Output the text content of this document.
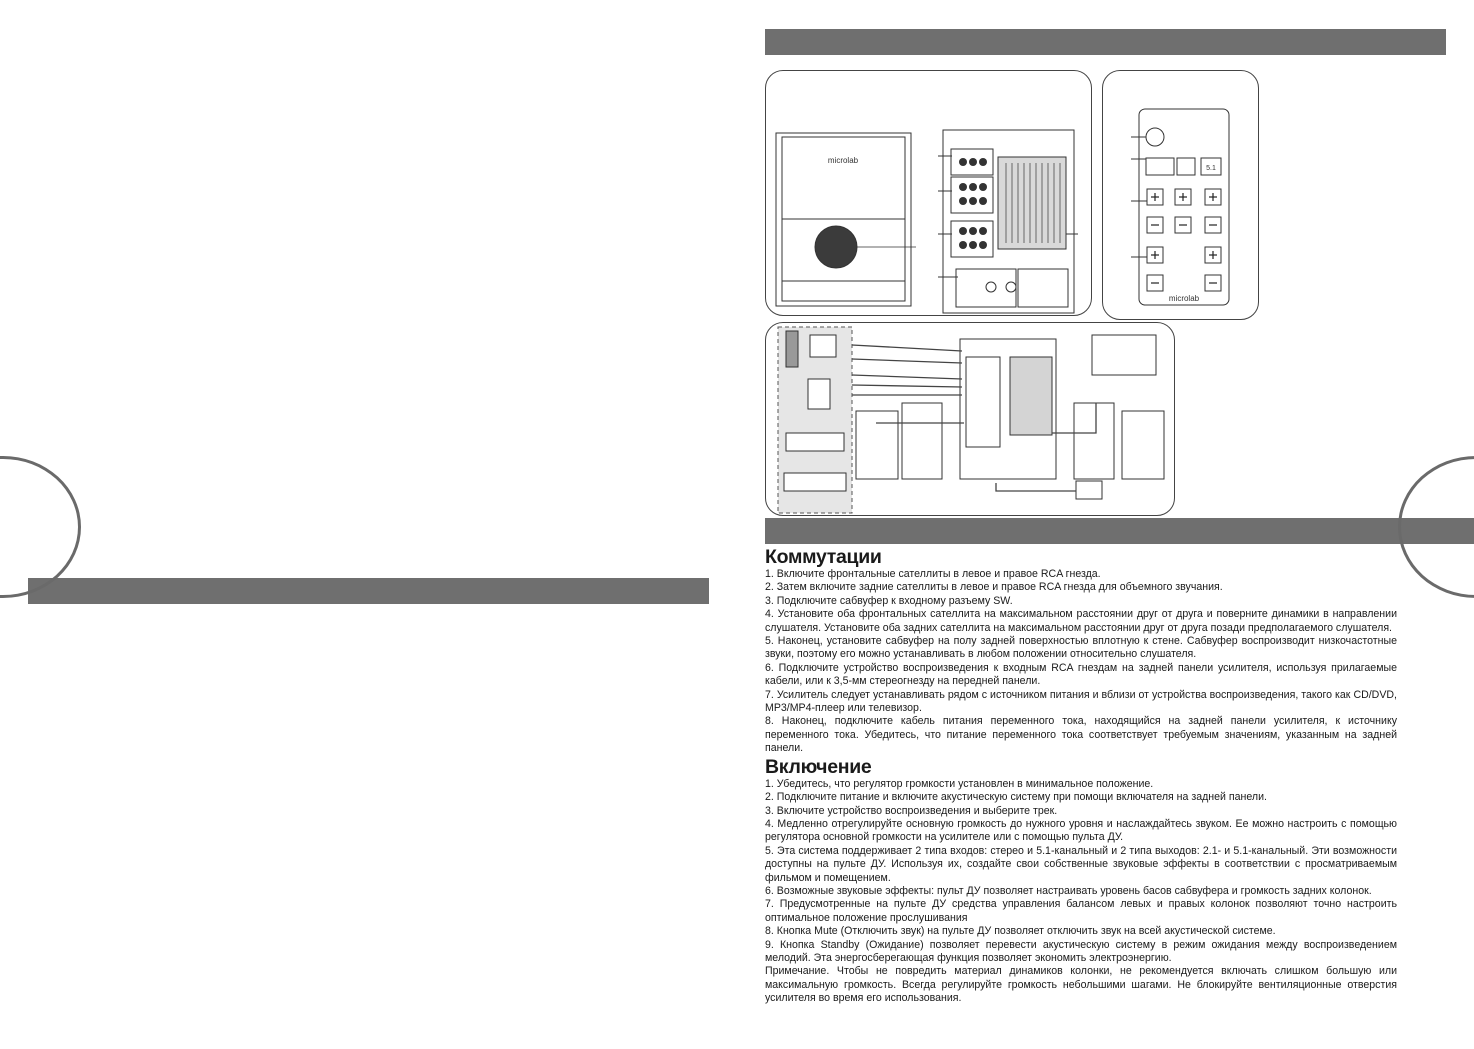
microlab
5.1
microlab
Коммутации

1. Включите фронтальные сателлиты в левое и правое RCA гнезда.

2. Затем включите задние сателлиты в левое и правое RCA гнезда для объемного звучания.

3. Подключите сабвуфер к входному разъему SW.

4. Установите оба фронтальных сателлита на максимальном расстоянии друг от друга и поверните динамики в направлении слушателя. Установите оба задних сателлита на максимальном расстоянии друг от друга позади предполагаемого слушателя.

5. Наконец, установите сабвуфер на полу задней поверхностью вплотную к стене. Сабвуфер воспроизводит низкочастотные звуки, поэтому его можно устанавливать в любом положении относительно слушателя.

6. Подключите устройство воспроизведения к входным RCA гнездам на задней панели усилителя, используя прилагаемые кабели, или к 3,5-мм стереогнезду на передней панели.

7. Усилитель следует устанавливать рядом с источником питания и вблизи от устройства воспроизведения, такого как CD/DVD, MP3/MP4-плеер или телевизор.

8. Наконец, подключите кабель питания переменного тока, находящийся на задней панели усилителя, к источнику переменного тока. Убедитесь, что питание переменного тока соответствует требуемым значениям, указанным на задней панели.

Включение

1. Убедитесь, что регулятор громкости установлен в минимальное положение.

2. Подключите питание и включите акустическую систему при помощи включателя на задней панели.

3. Включите устройство воспроизведения и выберите трек.

4. Медленно отрегулируйте основную громкость до нужного уровня и наслаждайтесь звуком. Ее можно настроить с помощью регулятора основной громкости на усилителе или с помощью пульта ДУ.

5. Эта система поддерживает 2 типа входов: стерео и 5.1-канальный и 2 типа выходов: 2.1- и 5.1-канальный. Эти возможности доступны на пульте ДУ. Используя их, создайте свои собственные звуковые эффекты в соответствии с просматриваемым фильмом и помещением.

6. Возможные звуковые эффекты: пульт ДУ позволяет настраивать уровень басов сабвуфера и громкость задних колонок.

7. Предусмотренные на пульте ДУ средства управления балансом левых и правых колонок позволяют точно настроить оптимальное положение прослушивания

8. Кнопка Mute (Отключить звук) на пульте ДУ позволяет отключить звук на всей акустической системе.

9. Кнопка Standby (Ожидание) позволяет перевести акустическую систему в режим ожидания между воспроизведением мелодий. Эта энергосберегающая функция позволяет экономить электроэнергию.

Примечание. Чтобы не повредить материал динамиков колонки, не рекомендуется включать слишком большую или максимальную громкость. Всегда регулируйте громкость небольшими шагами. Не блокируйте вентиляционные отверстия усилителя во время его использования.
